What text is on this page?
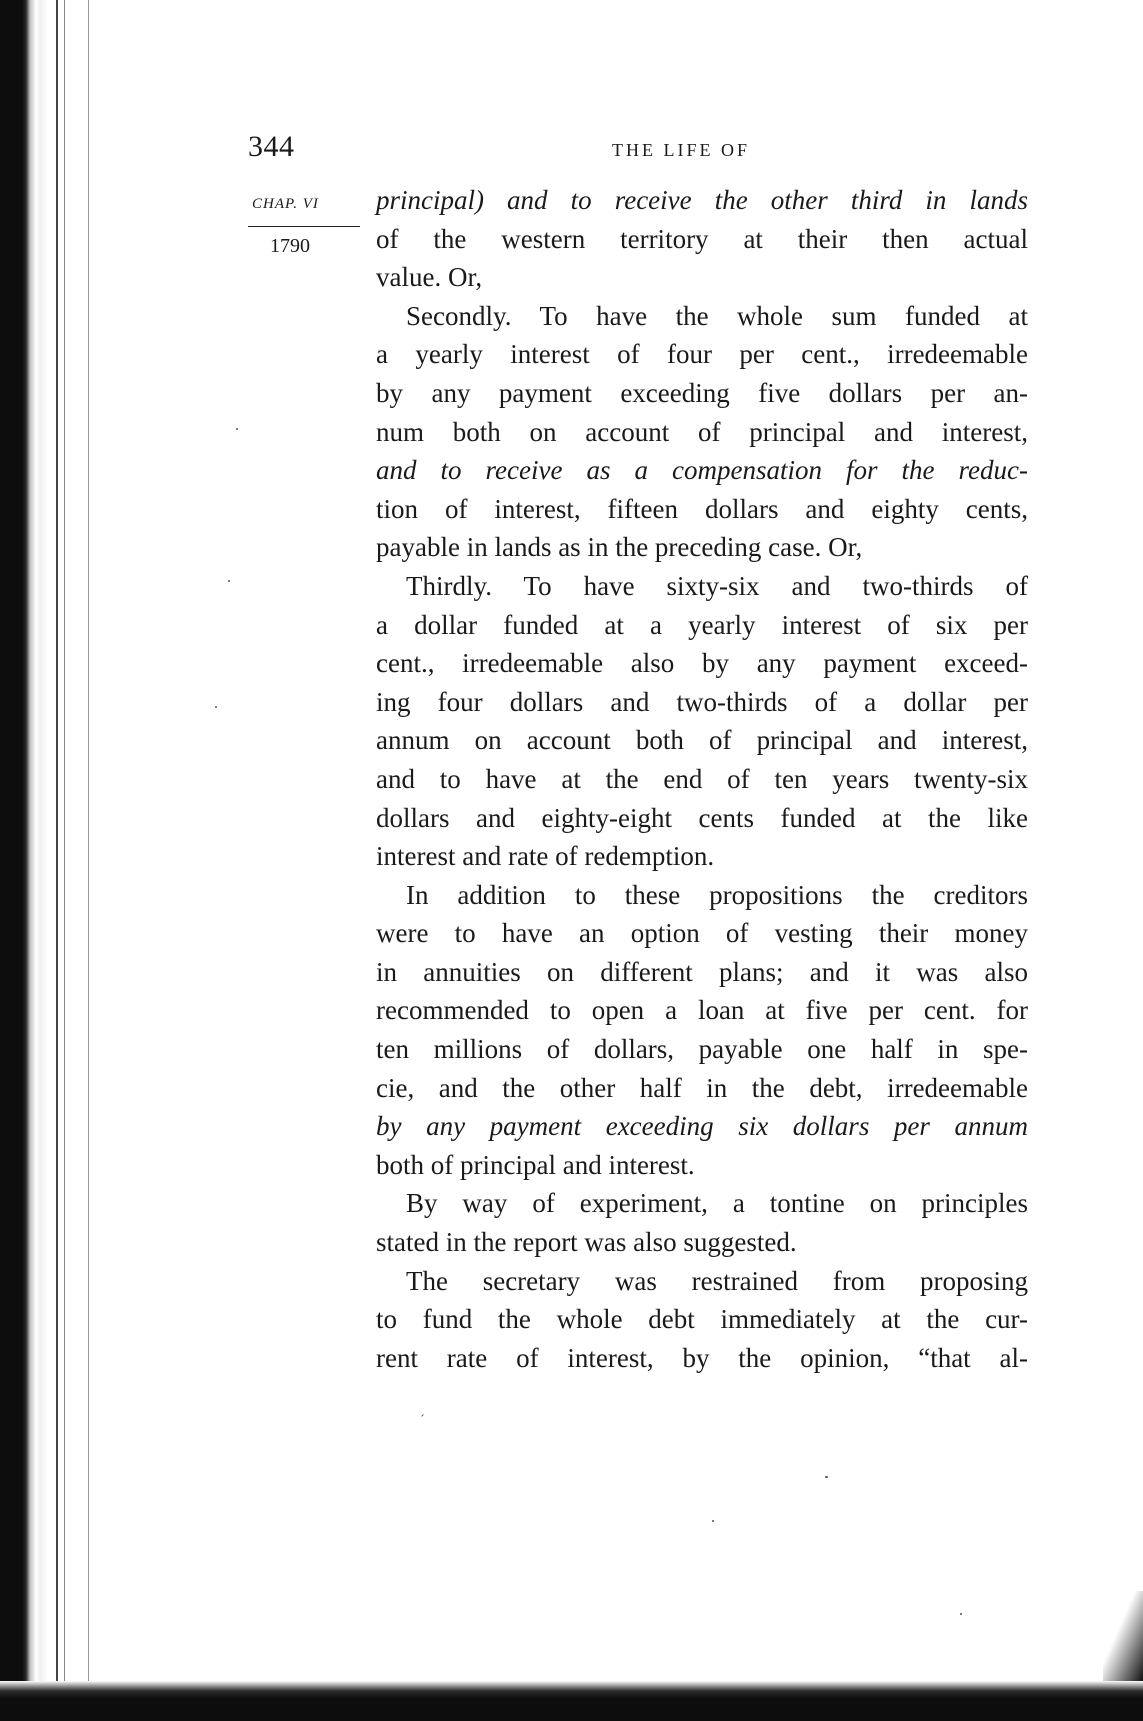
344	THE LIFE OF
CHAP. VI
1790
principal) and to receive the other third in lands
of the western territory at their then actual
value. Or,
Secondly. To have the whole sum funded at
a yearly interest of four per cent., irredeemable
by any payment exceeding five dollars per an-
num both on account of principal and interest,
and to receive as a compensation for the reduc-
tion of interest, fifteen dollars and eighty cents,
payable in lands as in the preceding case. Or,
Thirdly. To have sixty-six and two-thirds of
a dollar funded at a yearly interest of six per
cent., irredeemable also by any payment exceed-
ing four dollars and two-thirds of a dollar per
annum on account both of principal and interest,
and to have at the end of ten years twenty-six
dollars and eighty-eight cents funded at the like
interest and rate of redemption.
In addition to these propositions the creditors
were to have an option of vesting their money
in annuities on different plans; and it was also
recommended to open a loan at five per cent. for
ten millions of dollars, payable one half in spe-
cie, and the other half in the debt, irredeemable
by any payment exceeding six dollars per annum
both of principal and interest.
By way of experiment, a tontine on principles
stated in the report was also suggested.
The secretary was restrained from proposing
to fund the whole debt immediately at the cur-
rent rate of interest, by the opinion, “that al-
